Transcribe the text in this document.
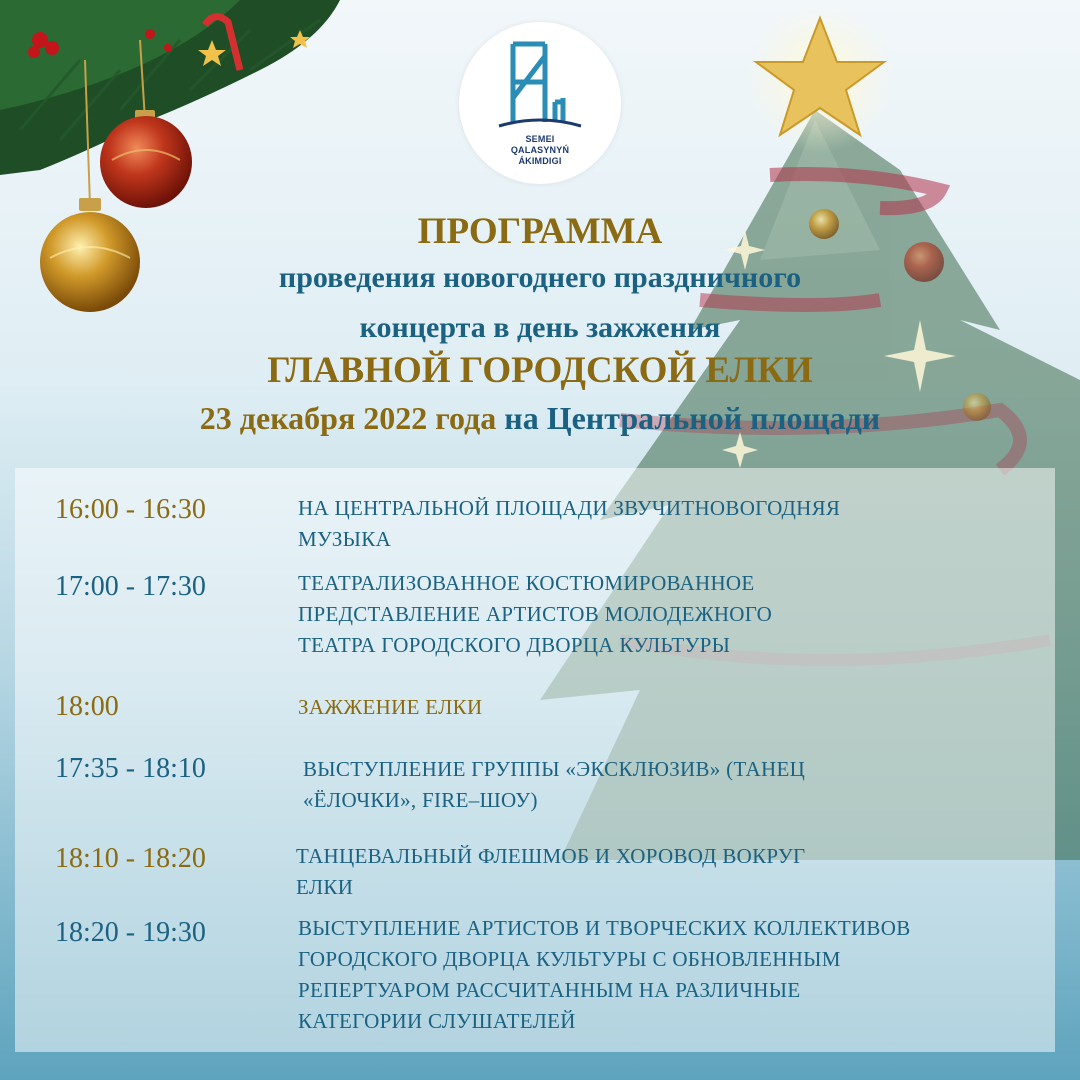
SEMEI
QALASYNYŃ
ÁKIMDIGI
ПРОГРАММА
проведения новогоднего праздничного
концерта в день зажжения
ГЛАВНОЙ ГОРОДСКОЙ ЕЛКИ
23 декабря 2022 года на Центральной площади
16:00 - 16:30	НА ЦЕНТРАЛЬНОЙ ПЛОЩАДИ ЗВУЧИТНОВОГОДНЯЯ
МУЗЫКА
17:00 - 17:30	ТЕАТРАЛИЗОВАННОЕ КОСТЮМИРОВАННОЕ
ПРЕДСТАВЛЕНИЕ АРТИСТОВ МОЛОДЕЖНОГО
ТЕАТРА ГОРОДСКОГО ДВОРЦА КУЛЬТУРЫ
18:00	ЗАЖЖЕНИЕ ЕЛКИ
17:35 - 18:10	ВЫСТУПЛЕНИЕ ГРУППЫ «ЭКСКЛЮЗИВ» (ТАНЕЦ
«ЁЛОЧКИ», FIRE–ШОУ)
18:10 - 18:20	ТАНЦЕВАЛЬНЫЙ ФЛЕШМОБ И ХОРОВОД ВОКРУГ
ЕЛКИ
18:20 - 19:30	ВЫСТУПЛЕНИЕ АРТИСТОВ И ТВОРЧЕСКИХ КОЛЛЕКТИВОВ
ГОРОДСКОГО ДВОРЦА КУЛЬТУРЫ С ОБНОВЛЕННЫМ
РЕПЕРТУАРОМ РАССЧИТАННЫМ НА РАЗЛИЧНЫЕ
КАТЕГОРИИ СЛУШАТЕЛЕЙ
